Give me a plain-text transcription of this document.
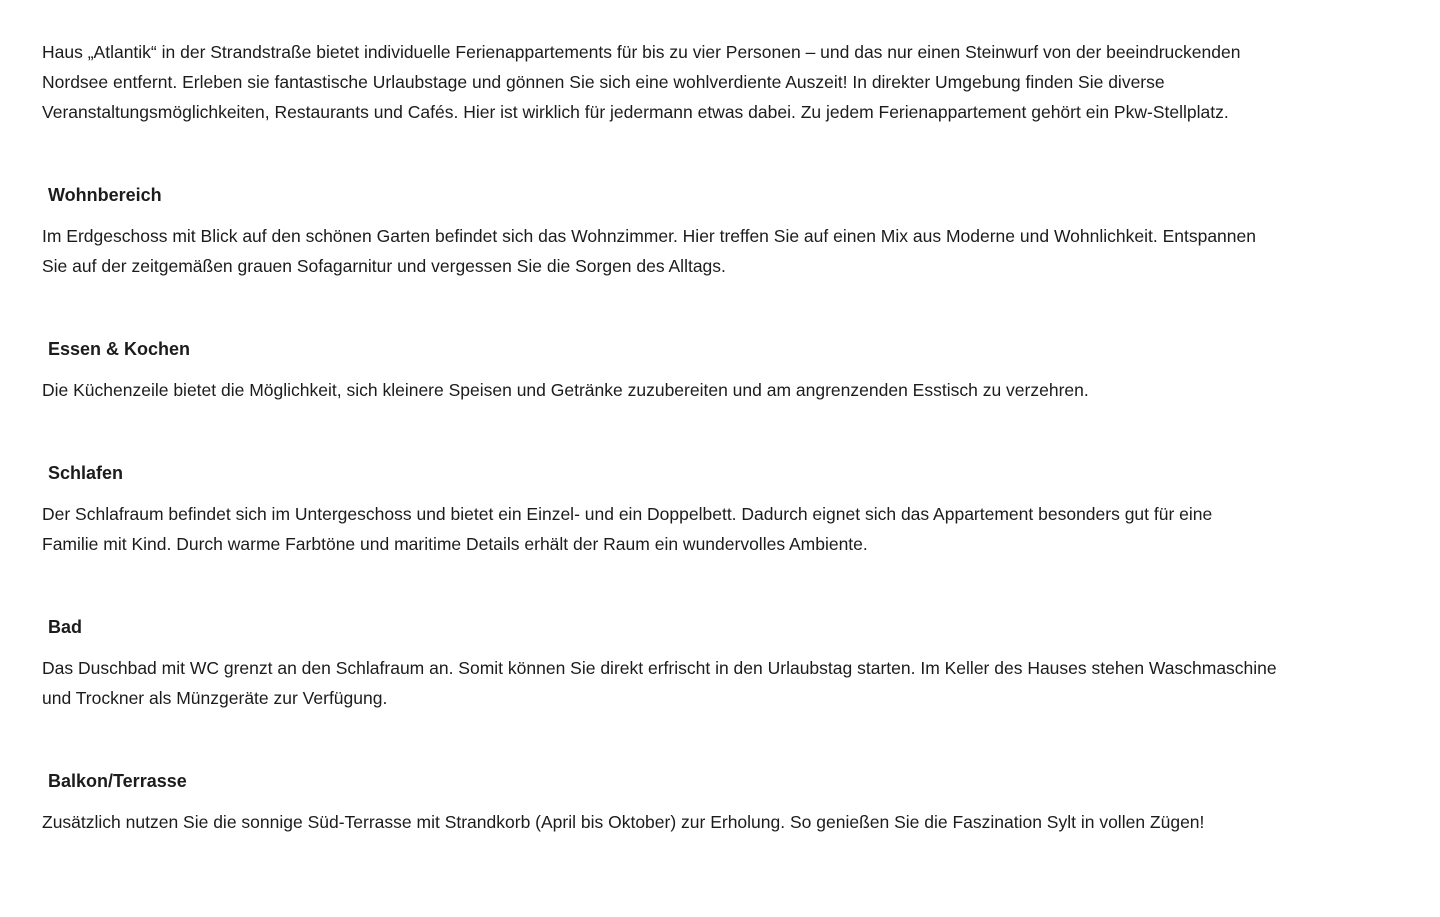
Haus „Atlantik“ in der Strandstraße bietet individuelle Ferienappartements für bis zu vier Personen – und das nur einen Steinwurf von der beeindruckenden
Nordsee entfernt. Erleben sie fantastische Urlaubstage und gönnen Sie sich eine wohlverdiente Auszeit! In direkter Umgebung finden Sie diverse
Veranstaltungsmöglichkeiten, Restaurants und Cafés. Hier ist wirklich für jedermann etwas dabei. Zu jedem Ferienappartement gehört ein Pkw-Stellplatz.

Wohnbereich

Im Erdgeschoss mit Blick auf den schönen Garten befindet sich das Wohnzimmer. Hier treffen Sie auf einen Mix aus Moderne und Wohnlichkeit. Entspannen
Sie auf der zeitgemäßen grauen Sofagarnitur und vergessen Sie die Sorgen des Alltags.

Essen & Kochen

Die Küchenzeile bietet die Möglichkeit, sich kleinere Speisen und Getränke zuzubereiten und am angrenzenden Esstisch zu verzehren.

Schlafen

Der Schlafraum befindet sich im Untergeschoss und bietet ein Einzel- und ein Doppelbett. Dadurch eignet sich das Appartement besonders gut für eine
Familie mit Kind. Durch warme Farbtöne und maritime Details erhält der Raum ein wundervolles Ambiente.

Bad

Das Duschbad mit WC grenzt an den Schlafraum an. Somit können Sie direkt erfrischt in den Urlaubstag starten. Im Keller des Hauses stehen Waschmaschine
und Trockner als Münzgeräte zur Verfügung.

Balkon/Terrasse

Zusätzlich nutzen Sie die sonnige Süd-Terrasse mit Strandkorb (April bis Oktober) zur Erholung. So genießen Sie die Faszination Sylt in vollen Zügen!
